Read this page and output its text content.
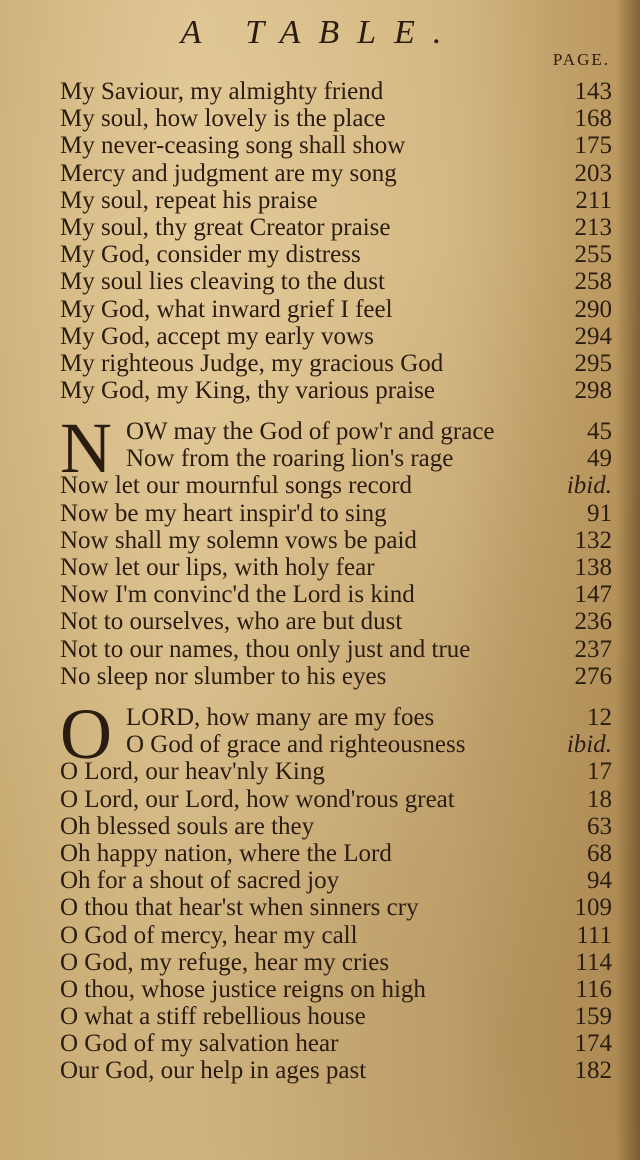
A TABLE.
PAGE.
My Saviour, my almighty friend	143
My soul, how lovely is the place	168
My never-ceasing song shall show	175
Mercy and judgment are my song	203
My soul, repeat his praise	211
My soul, thy great Creator praise	213
My God, consider my distress	255
My soul lies cleaving to the dust	258
My God, what inward grief I feel	290
My God, accept my early vows	294
My righteous Judge, my gracious God	295
My God, my King, thy various praise	298
N OW may the God of pow'r and grace	45
Now from the roaring lion's rage	49
Now let our mournful songs record	ibid.
Now be my heart inspir'd to sing	91
Now shall my solemn vows be paid	132
Now let our lips, with holy fear	138
Now I'm convinc'd the Lord is kind	147
Not to ourselves, who are but dust	236
Not to our names, thou only just and true	237
No sleep nor slumber to his eyes	276
O LORD, how many are my foes	12
O God of grace and righteousness	ibid.
O Lord, our heav'nly King	17
O Lord, our Lord, how wond'rous great	18
Oh blessed souls are they	63
Oh happy nation, where the Lord	68
Oh for a shout of sacred joy	94
O thou that hear'st when sinners cry	109
O God of mercy, hear my call	111
O God, my refuge, hear my cries	114
O thou, whose justice reigns on high	116
O what a stiff rebellious house	159
O God of my salvation hear	174
Our God, our help in ages past	182
